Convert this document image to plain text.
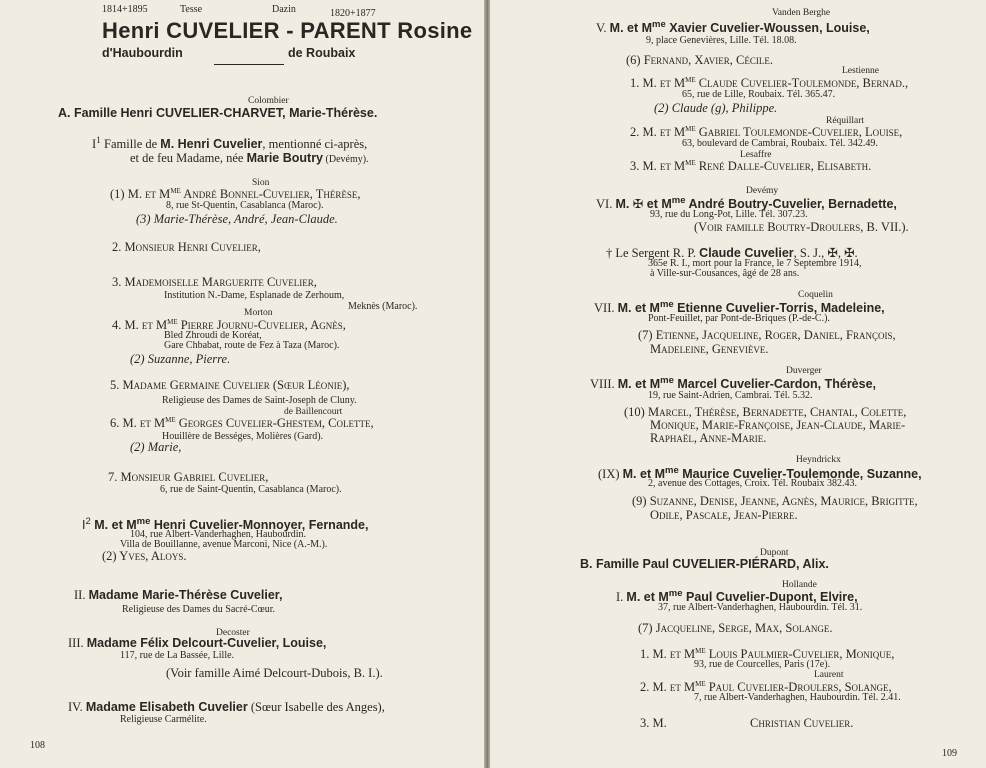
1814+1895	Tesse	Dazin	1820+1877
Henri CUVELIER - PARENT Rosine
d'Haubourdin	de Roubaix
Colombier
A. Famille Henri CUVELIER-CHARVET, Marie-Thérèse.
$I^1$ Famille de M. Henri Cuvelier, mentionné ci-après,
et de feu Madame, née Marie Boutry (Devémy).
Sion
(1) M. et $M^{me}$ André Bonnel-Cuvelier, Thérèse,
8, rue St-Quentin, Casablanca (Maroc).
(3) Marie-Thérèse, André, Jean-Claude.
2. Monsieur Henri Cuvelier,
3. Mademoiselle Marguerite Cuvelier,
Institution N.-Dame, Esplanade de Zerhoum,
Meknès (Maroc).
Morton
4. M. et $M^{me}$ Pierre Journu-Cuvelier, Agnès,
Bled Zhroudi de Koréat,
Gare Chbabat, route de Fez à Taza (Maroc).
(2) Suzanne, Pierre.
5. Madame Germaine Cuvelier (Sœur Léonie),
Religieuse des Dames de Saint-Joseph de Cluny.
de Baillencourt
6. M. et $M^{me}$ Georges Cuvelier-Ghestem, Colette,
Houillère de Bességes, Molières (Gard).
(2) Marie,
7. Monsieur Gabriel Cuvelier,
6, rue de Saint-Quentin, Casablanca (Maroc).
$I^2$ M. et $M^{me}$ Henri Cuvelier-Monnoyer, Fernande,
104, rue Albert-Vanderhaghen, Haubourdin.
Villa de Bouillanne, avenue Marconi, Nice (A.-M.).
(2) Yves, Aloys.
II. Madame Marie-Thérèse Cuvelier,
Religieuse des Dames du Sacré-Cœur.
Decoster
III. Madame Félix Delcourt-Cuvelier, Louise,
117, rue de La Bassée, Lille.
(Voir famille Aimé Delcourt-Dubois, B. I.).
IV. Madame Elisabeth Cuvelier (Sœur Isabelle des Anges),
Religieuse Carmélite.
108
Vanden Berghe
V. M. et $M^{me}$ Xavier Cuvelier-Woussen, Louise,
9, place Genevières, Lille. Tél. 18.08.
(6) Fernand, Xavier, Cécile.
Lestienne
1. M. et $M^{me}$ Claude Cuvelier-Toulemonde, Bernad.,
65, rue de Lille, Roubaix. Tél. 365.47.
(2) Claude (g), Philippe.
Réquillart
2. M. et $M^{me}$ Gabriel Toulemonde-Cuvelier, Louise,
63, boulevard de Cambrai, Roubaix. Tél. 342.49.
Lesaffre
3. M. et $M^{me}$ René Dalle-Cuvelier, Elisabeth.
Devémy
VI. M. ✠ et $M^{me}$ André Boutry-Cuvelier, Bernadette,
93, rue du Long-Pot, Lille. Tél. 307.23.
(Voir famille Boutry-Droulers, B. VII.).
† Le Sergent R. P. Claude Cuvelier, S. J., ✠, ✠.
365e R. I., mort pour la France, le 7 Septembre 1914,
à Ville-sur-Cousances, âgé de 28 ans.
Coquelin
VII. M. et $M^{me}$ Etienne Cuvelier-Torris, Madeleine,
Pont-Feuillet, par Pont-de-Briques (P.-de-C.).
(7) Etienne, Jacqueline, Roger, Daniel, François,
Madeleine, Geneviève.
Duverger
VIII. M. et $M^{me}$ Marcel Cuvelier-Cardon, Thérèse,
19, rue Saint-Adrien, Cambrai. Tél. 5.32.
(10) Marcel, Thérèse, Bernadette, Chantal, Colette,
Monique, Marie-Françoise, Jean-Claude, Marie-
Raphaël, Anne-Marie.
Heyndrickx
(IX) M. et $M^{me}$ Maurice Cuvelier-Toulemonde, Suzanne,
2, avenue des Cottages, Croix. Tél. Roubaix 382.43.
(9) Suzanne, Denise, Jeanne, Agnès, Maurice, Brigitte,
Odile, Pascale, Jean-Pierre.
Dupont
B. Famille Paul CUVELIER-PIÉRARD, Alix.
Hollande
I. M. et $M^{me}$ Paul Cuvelier-Dupont, Elvire,
37, rue Albert-Vanderhaghen, Haubourdin. Tél. 31.
(7) Jacqueline, Serge, Max, Solange.
1. M. et $M^{me}$ Louis Paulmier-Cuvelier, Monique,
93, rue de Courcelles, Paris (17e).
Laurent
2. M. et $M^{me}$ Paul Cuvelier-Droulers, Solange,
7, rue Albert-Vanderhaghen, Haubourdin. Tél. 2.41.
3. M.	Christian Cuvelier.
109
